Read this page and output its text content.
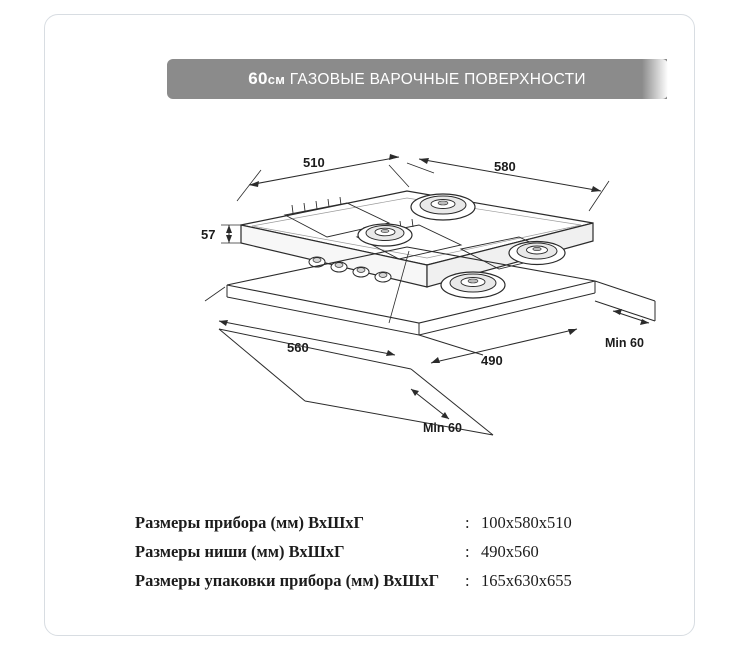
60см ГАЗОВЫЕ ВАРОЧНЫЕ ПОВЕРХНОСТИ
510	580
57
Min 60
560
490
Min 60
Размеры прибора (мм) ВхШхГ	: 100x580x510
Размеры ниши (мм) ВхШхГ	: 490x560
Размеры упаковки прибора (мм) ВхШхГ	: 165x630x655
